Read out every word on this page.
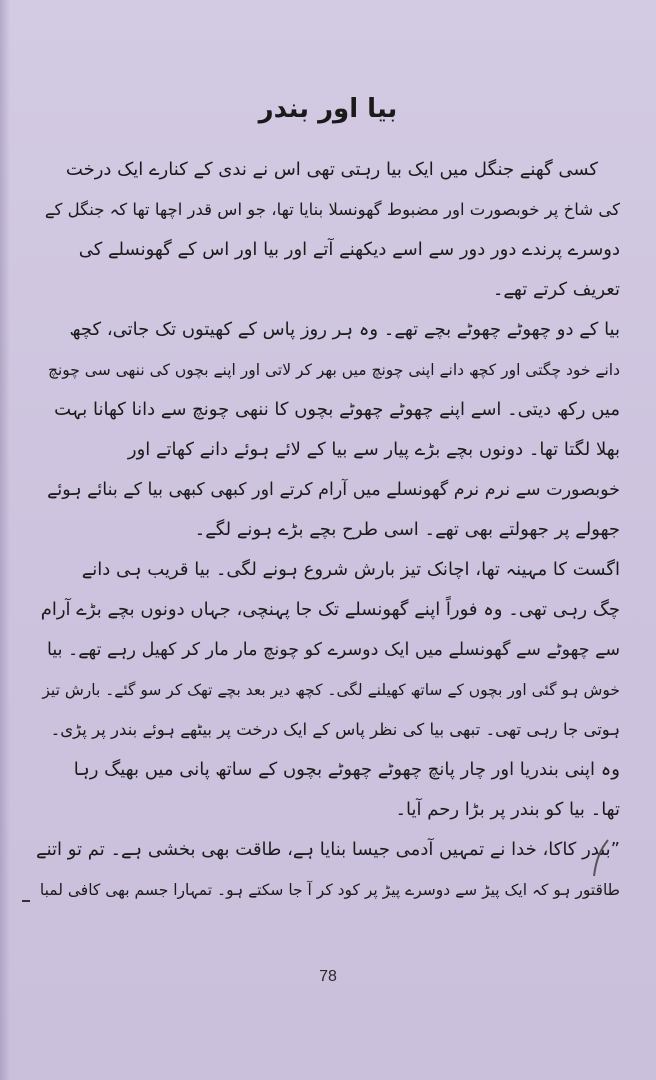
بیا اور بندر
کسی گھنے جنگل میں ایک بیا رہتی تھی اس نے ندی کے کنارے ایک درخت
کی شاخ پر خوبصورت اور مضبوط گھونسلا بنایا تھا، جو اس قدر اچھا تھا کہ جنگل کے
دوسرے پرندے دور دور سے اسے دیکھنے آتے اور بیا اور اس کے گھونسلے کی
تعریف کرتے تھے۔
بیا کے دو چھوٹے چھوٹے بچے تھے۔ وہ ہر روز پاس کے کھیتوں تک جاتی، کچھ
دانے خود چگتی اور کچھ دانے اپنی چونچ میں بھر کر لاتی اور اپنے بچوں کی ننھی سی چونچ
میں رکھ دیتی۔ اسے اپنے چھوٹے چھوٹے بچوں کا ننھی چونچ سے دانا کھانا بہت
بھلا لگتا تھا۔ دونوں بچے بڑے پیار سے بیا کے لائے ہوئے دانے کھاتے اور
خوبصورت سے نرم نرم گھونسلے میں آرام کرتے اور کبھی کبھی بیا کے بنائے ہوئے
جھولے پر جھولتے بھی تھے۔ اسی طرح بچے بڑے ہونے لگے۔
اگست کا مہینہ تھا، اچانک تیز بارش شروع ہونے لگی۔ بیا قریب ہی دانے
چگ رہی تھی۔ وہ فوراً اپنے گھونسلے تک جا پہنچی، جہاں دونوں بچے بڑے آرام
سے چھوٹے سے گھونسلے میں ایک دوسرے کو چونچ مار مار کر کھیل رہے تھے۔ بیا
خوش ہو گئی اور بچوں کے ساتھ کھیلنے لگی۔ کچھ دیر بعد بچے تھک کر سو گئے۔ بارش تیز
ہوتی جا رہی تھی۔ تبھی بیا کی نظر پاس کے ایک درخت پر بیٹھے ہوئے بندر پر پڑی۔
وہ اپنی بندریا اور چار پانچ چھوٹے چھوٹے بچوں کے ساتھ پانی میں بھیگ رہا
تھا۔ بیا کو بندر پر بڑا رحم آیا۔
”بندر کاکا، خدا نے تمہیں آدمی جیسا بنایا ہے، طاقت بھی بخشی ہے۔ تم تو اتنے
طاقتور ہو کہ ایک پیڑ سے دوسرے پیڑ پر کود کر آ جا سکتے ہو۔ تمہارا جسم بھی کافی لمبا
78
